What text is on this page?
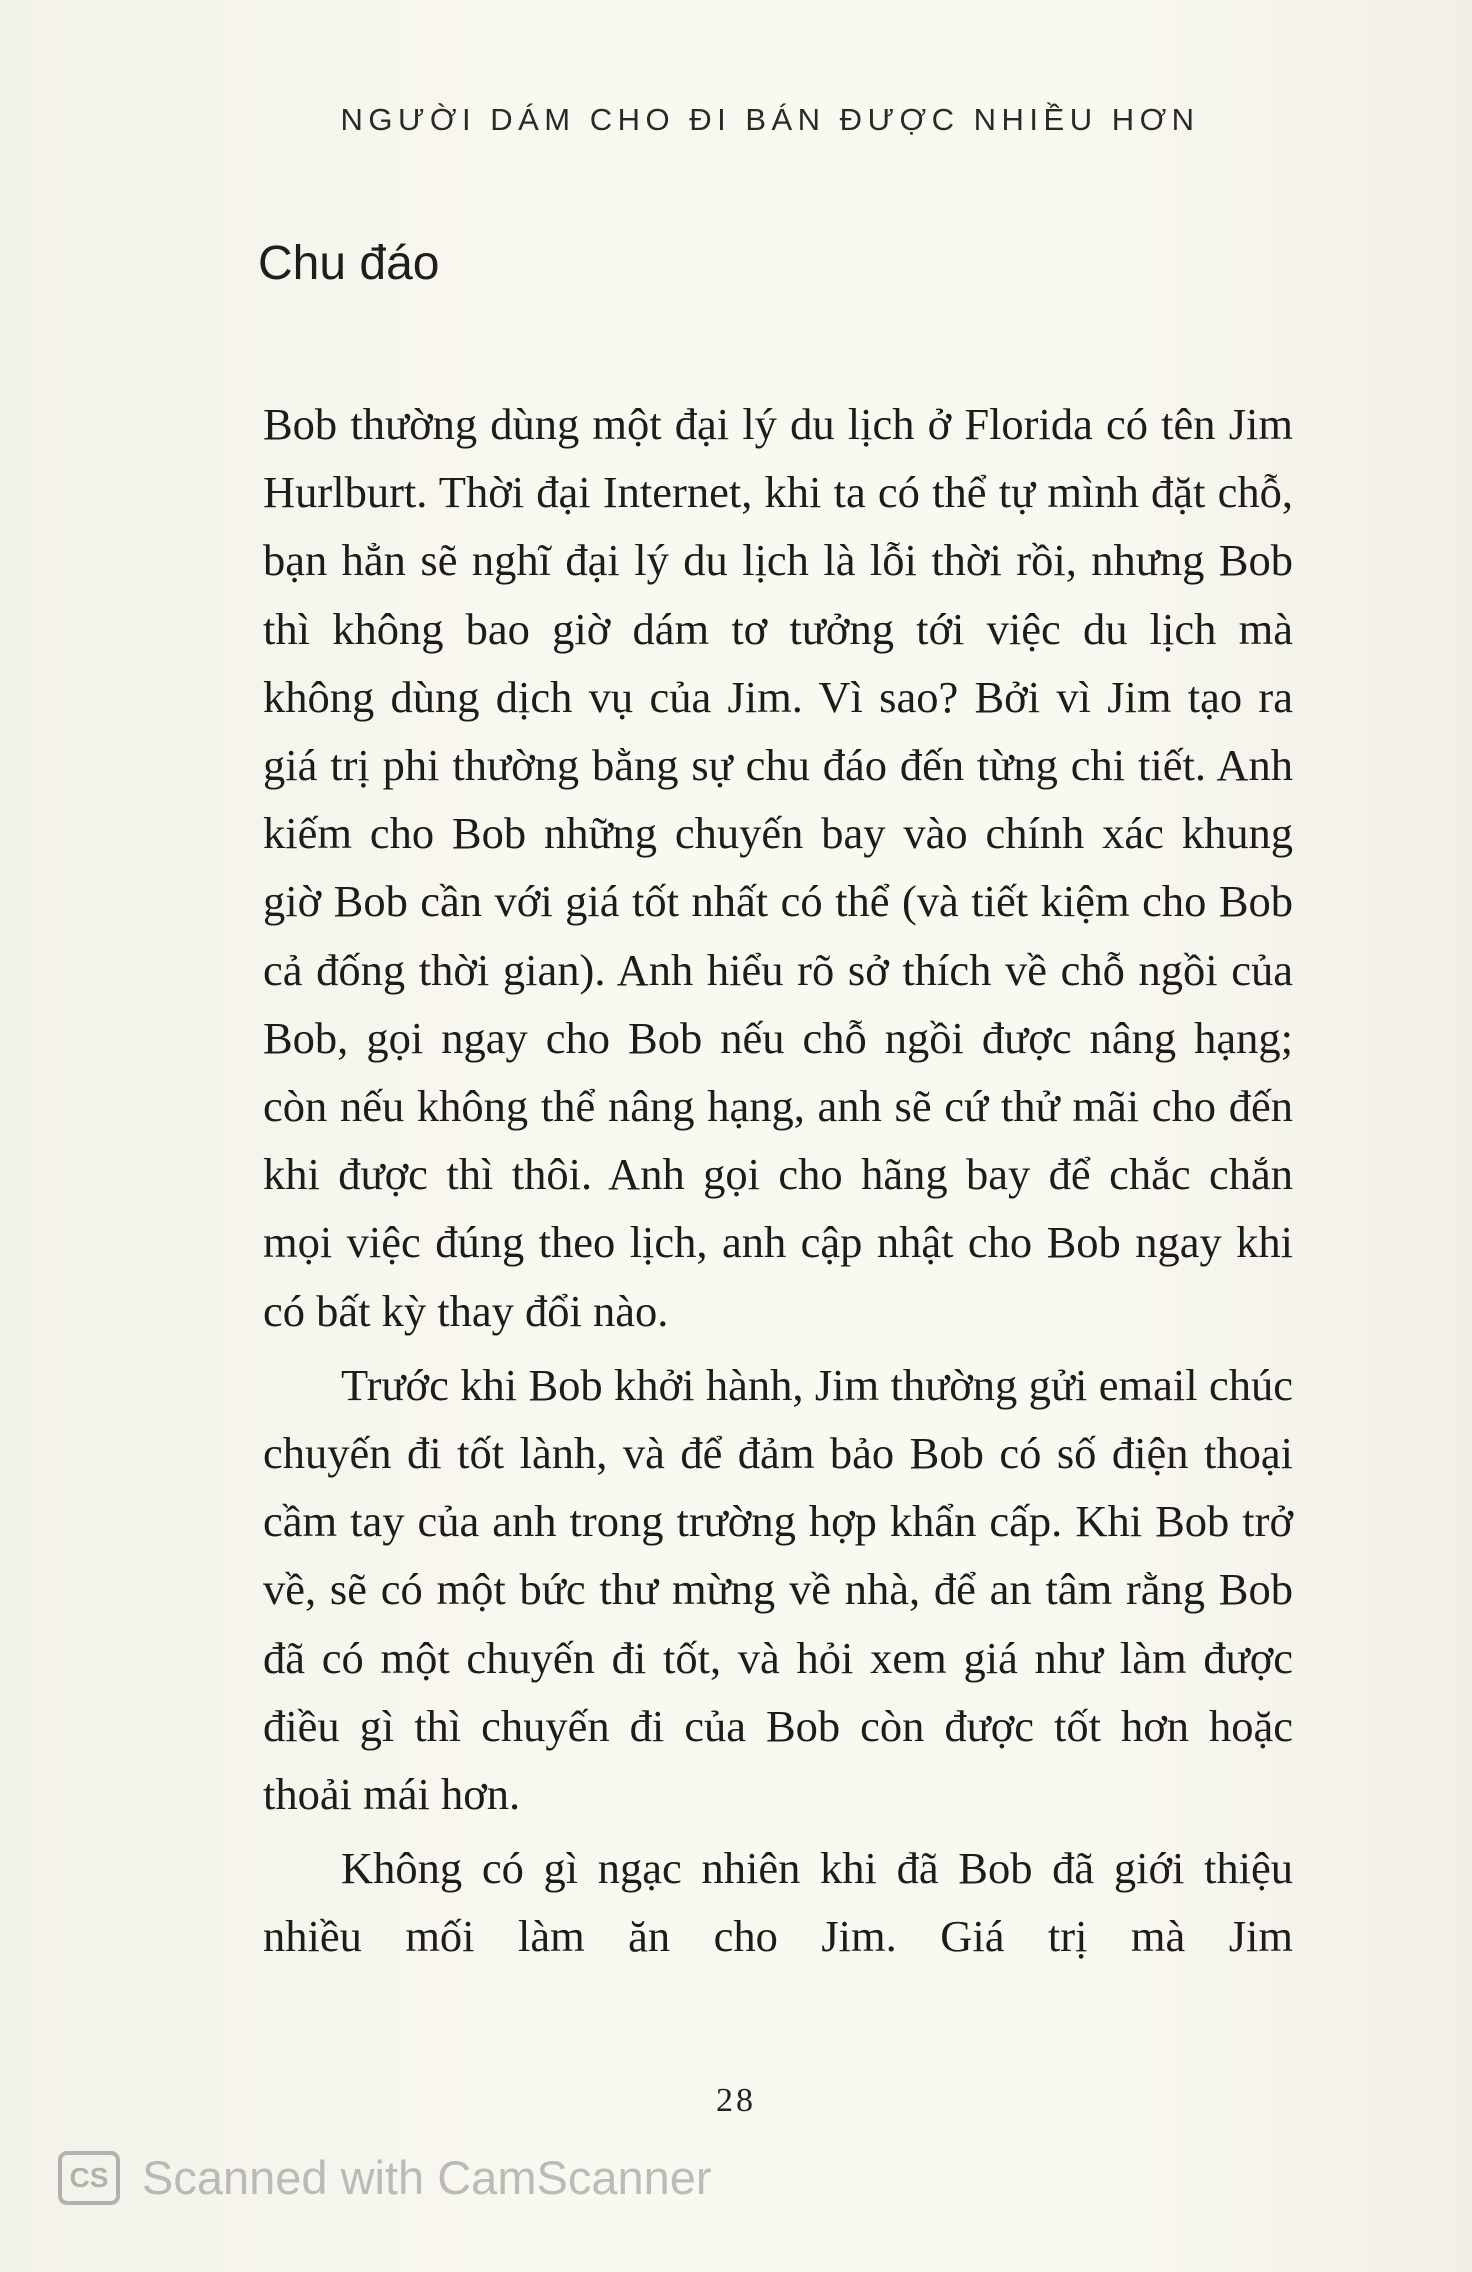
NGƯỜI DÁM CHO ĐI BÁN ĐƯỢC NHIỀU HƠN
Chu đáo

Bob thường dùng một đại lý du lịch ở Florida có tên Jim Hurlburt. Thời đại Internet, khi ta có thể tự mình đặt chỗ, bạn hẳn sẽ nghĩ đại lý du lịch là lỗi thời rồi, nhưng Bob thì không bao giờ dám tơ tưởng tới việc du lịch mà không dùng dịch vụ của Jim. Vì sao? Bởi vì Jim tạo ra giá trị phi thường bằng sự chu đáo đến từng chi tiết. Anh kiếm cho Bob những chuyến bay vào chính xác khung giờ Bob cần với giá tốt nhất có thể (và tiết kiệm cho Bob cả đống thời gian). Anh hiểu rõ sở thích về chỗ ngồi của Bob, gọi ngay cho Bob nếu chỗ ngồi được nâng hạng; còn nếu không thể nâng hạng, anh sẽ cứ thử mãi cho đến khi được thì thôi. Anh gọi cho hãng bay để chắc chắn mọi việc đúng theo lịch, anh cập nhật cho Bob ngay khi có bất kỳ thay đổi nào.

Trước khi Bob khởi hành, Jim thường gửi email chúc chuyến đi tốt lành, và để đảm bảo Bob có số điện thoại cầm tay của anh trong trường hợp khẩn cấp. Khi Bob trở về, sẽ có một bức thư mừng về nhà, để an tâm rằng Bob đã có một chuyến đi tốt, và hỏi xem giá như làm được điều gì thì chuyến đi của Bob còn được tốt hơn hoặc thoải mái hơn.

Không có gì ngạc nhiên khi đã Bob đã giới thiệu nhiều mối làm ăn cho Jim. Giá trị mà Jim

28
CS Scanned with CamScanner
